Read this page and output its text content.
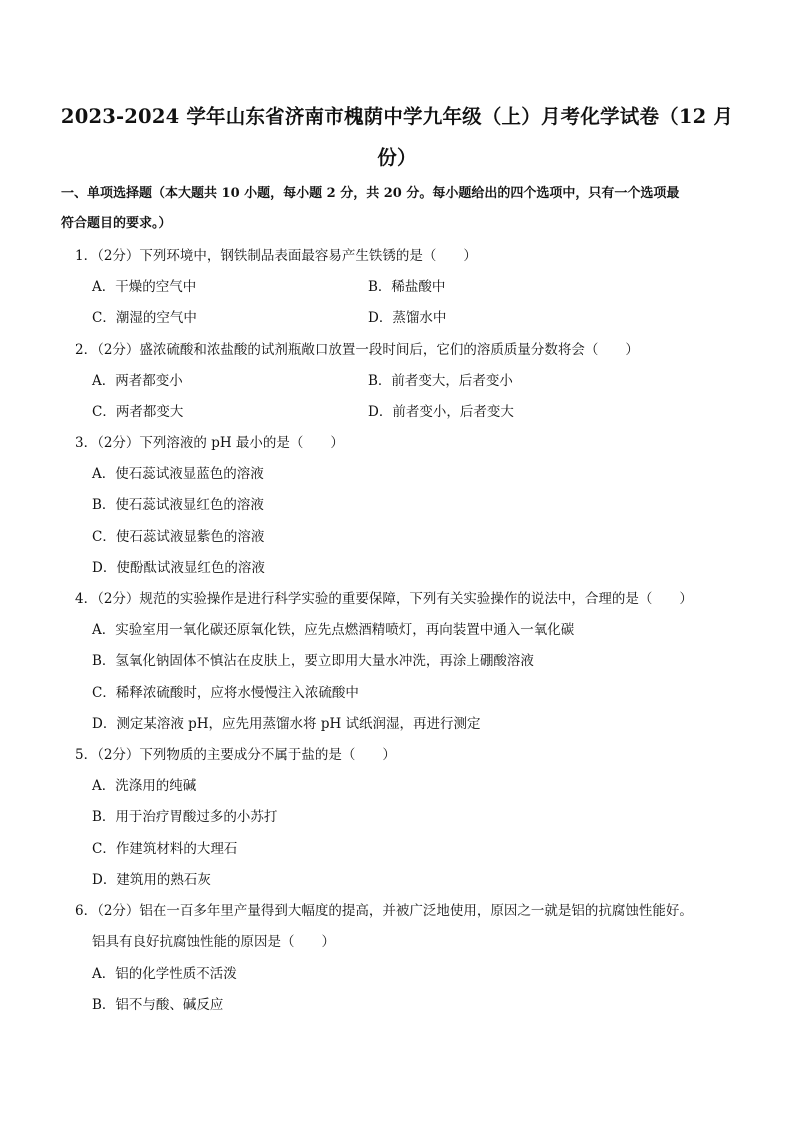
2023-2024 学年山东省济南市槐荫中学九年级（上）月考化学试卷（12 月
份）
一、单项选择题（本大题共 10 小题，每小题 2 分，共 20 分。每小题给出的四个选项中，只有一个选项最
符合题目的要求。）
1．（2分）下列环境中，钢铁制品表面最容易产生铁锈的是（　　）
A．干燥的空气中	B．稀盐酸中
C．潮湿的空气中	D．蒸馏水中
2．（2分）盛浓硫酸和浓盐酸的试剂瓶敞口放置一段时间后，它们的溶质质量分数将会（　　）
A．两者都变小	B．前者变大，后者变小
C．两者都变大	D．前者变小，后者变大
3．（2分）下列溶液的 pH 最小的是（　　）
A．使石蕊试液显蓝色的溶液
B．使石蕊试液显红色的溶液
C．使石蕊试液显紫色的溶液
D．使酚酞试液显红色的溶液
4．（2分）规范的实验操作是进行科学实验的重要保障，下列有关实验操作的说法中，合理的是（　　）
A．实验室用一氧化碳还原氧化铁，应先点燃酒精喷灯，再向装置中通入一氧化碳
B．氢氧化钠固体不慎沾在皮肤上，要立即用大量水冲洗，再涂上硼酸溶液
C．稀释浓硫酸时，应将水慢慢注入浓硫酸中
D．测定某溶液 pH，应先用蒸馏水将 pH 试纸润湿，再进行测定
5．（2分）下列物质的主要成分不属于盐的是（　　）
A．洗涤用的纯碱
B．用于治疗胃酸过多的小苏打
C．作建筑材料的大理石
D．建筑用的熟石灰
6．（2分）铝在一百多年里产量得到大幅度的提高，并被广泛地使用，原因之一就是铝的抗腐蚀性能好。
铝具有良好抗腐蚀性能的原因是（　　）
A．铝的化学性质不活泼
B．铝不与酸、碱反应
